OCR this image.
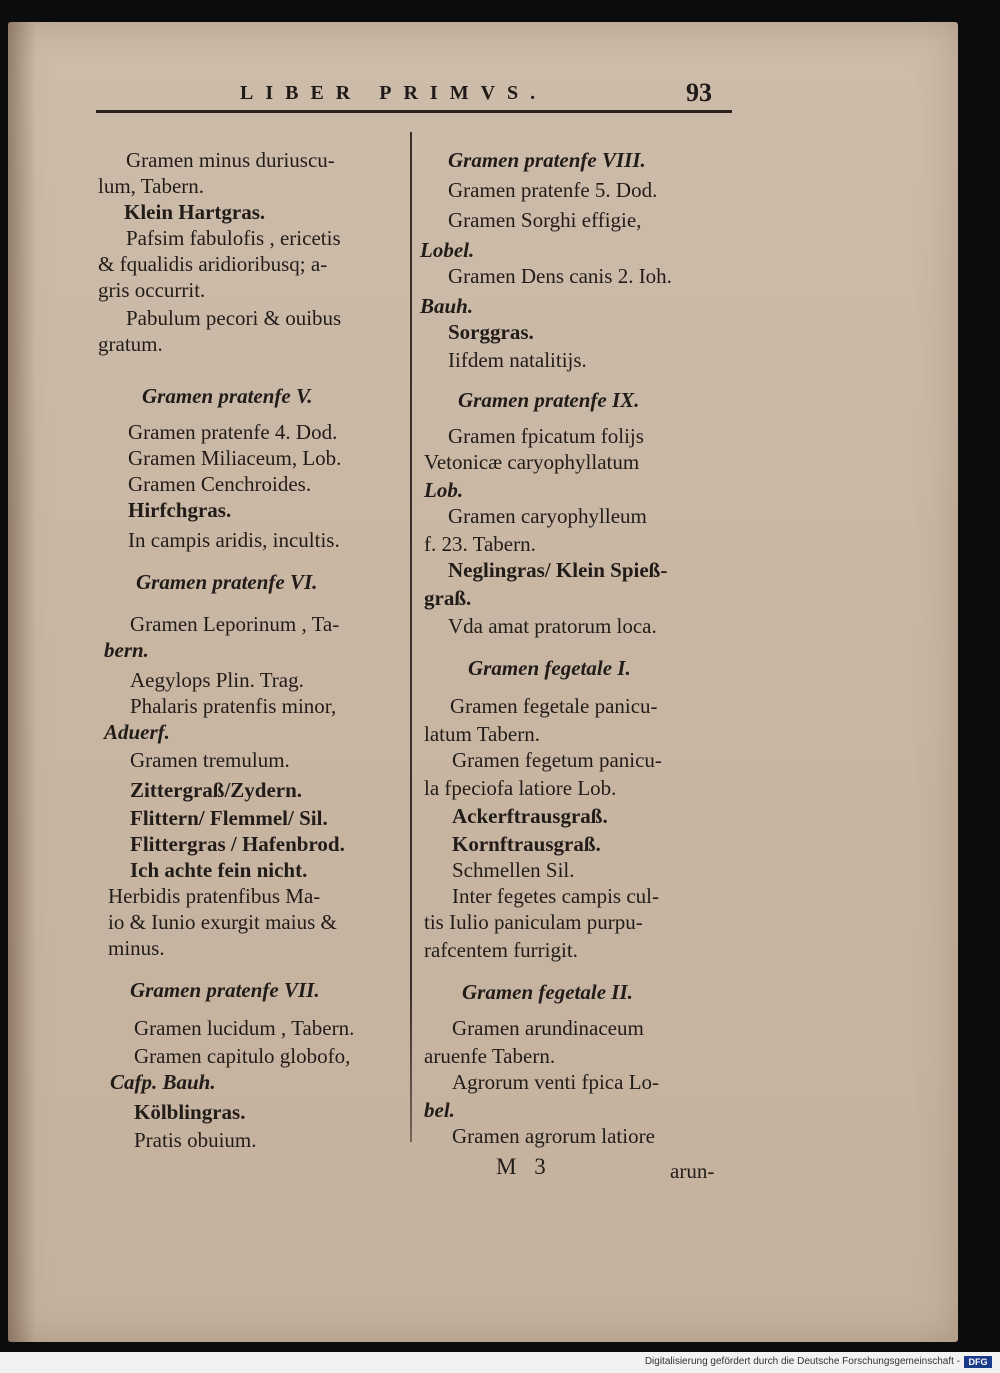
LIBER PRIMVS.	93
Gramen minus duriuscu-
lum, Tabern.
Klein Hartgras.
Pafsim fabulofis , ericetis
& fqualidis aridioribusq; a-
gris occurrit.
Pabulum pecori & ouibus
gratum.
Gramen pratenfe V.
Gramen pratenfe 4. Dod.
Gramen Miliaceum, Lob.
Gramen Cenchroides.
Hirfchgras.
In campis aridis, incultis.
Gramen pratenfe VI.
Gramen Leporinum , Ta-
bern.
Aegylops Plin. Trag.
Phalaris pratenfis minor,
Aduerf.
Gramen tremulum.
Zittergraß/Zydern.
Flittern/ Flemmel/ Sil.
Flittergras / Hafenbrod.
Ich achte fein nicht.
Herbidis pratenfibus Ma-
io & Iunio exurgit maius &
minus.
Gramen pratenfe VII.
Gramen lucidum , Tabern.
Gramen capitulo globofo,
Cafp. Bauh.
Kölblingras.
Pratis obuium.
Gramen pratenfe VIII.
Gramen pratenfe 5. Dod.
Gramen Sorghi effigie,
Lobel.
Gramen Dens canis 2. Ioh.
Bauh.
Sorggras.
Iifdem natalitijs.
Gramen pratenfe IX.
Gramen fpicatum folijs
Vetonicæ caryophyllatum
Lob.
Gramen caryophylleum
f. 23. Tabern.
Neglingras/ Klein Spieß-
graß.
Vda amat pratorum loca.
Gramen fegetale I.
Gramen fegetale panicu-
latum Tabern.
Gramen fegetum panicu-
la fpeciofa latiore Lob.
Ackerftrausgraß.
Kornftrausgraß.
Schmellen Sil.
Inter fegetes campis cul-
tis Iulio paniculam purpu-
rafcentem furrigit.
Gramen fegetale II.
Gramen arundinaceum
aruenfe Tabern.
Agrorum venti fpica Lo-
bel.
Gramen agrorum latiore
M 3	arun-
Digitalisierung gefördert durch die Deutsche Forschungsgemeinschaft - DFG
